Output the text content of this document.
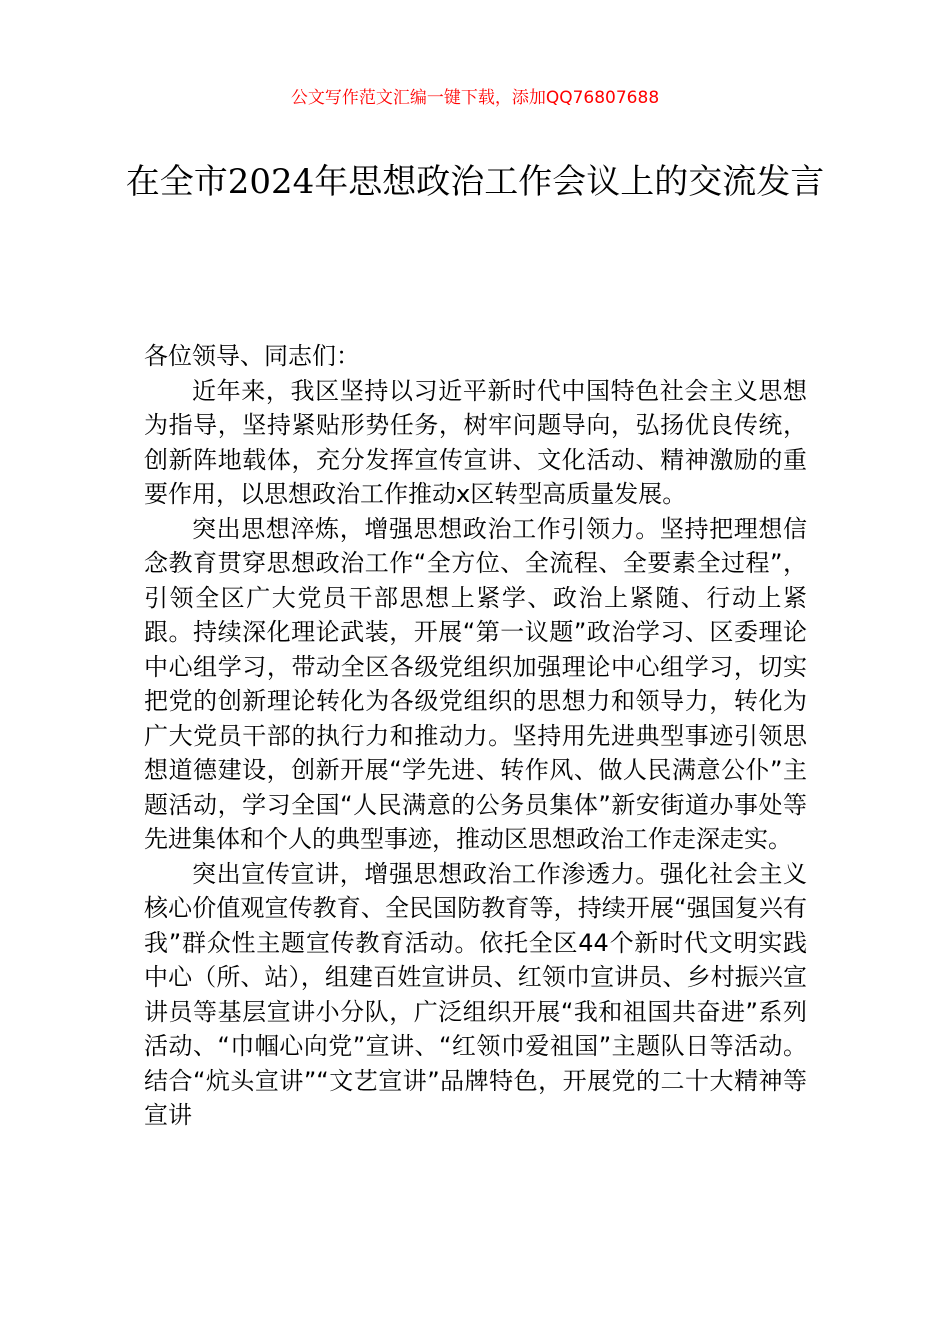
公文写作范文汇编一键下载，添加QQ76807688
在全市2024年思想政治工作会议上的交流发言

各位领导、同志们：

近年来，我区坚持以习近平新时代中国特色社会主义思想为指导，坚持紧贴形势任务，树牢问题导向，弘扬优良传统，创新阵地载体，充分发挥宣传宣讲、文化活动、精神激励的重要作用，以思想政治工作推动x区转型高质量发展。

突出思想淬炼，增强思想政治工作引领力。坚持把理想信念教育贯穿思想政治工作“全方位、全流程、全要素全过程”，引领全区广大党员干部思想上紧学、政治上紧随、行动上紧跟。持续深化理论武装，开展“第一议题”政治学习、区委理论中心组学习，带动全区各级党组织加强理论中心组学习，切实把党的创新理论转化为各级党组织的思想力和领导力，转化为广大党员干部的执行力和推动力。坚持用先进典型事迹引领思想道德建设，创新开展“学先进、转作风、做人民满意公仆”主题活动，学习全国“人民满意的公务员集体”新安街道办事处等先进集体和个人的典型事迹，推动区思想政治工作走深走实。

突出宣传宣讲，增强思想政治工作渗透力。强化社会主义核心价值观宣传教育、全民国防教育等，持续开展“强国复兴有我”群众性主题宣传教育活动。依托全区44个新时代文明实践中心（所、站），组建百姓宣讲员、红领巾宣讲员、乡村振兴宣讲员等基层宣讲小分队，广泛组织开展“我和祖国共奋进”系列活动、“巾帼心向党”宣讲、“红领巾爱祖国”主题队日等活动。结合“炕头宣讲”“文艺宣讲”品牌特色，开展党的二十大精神等宣讲
